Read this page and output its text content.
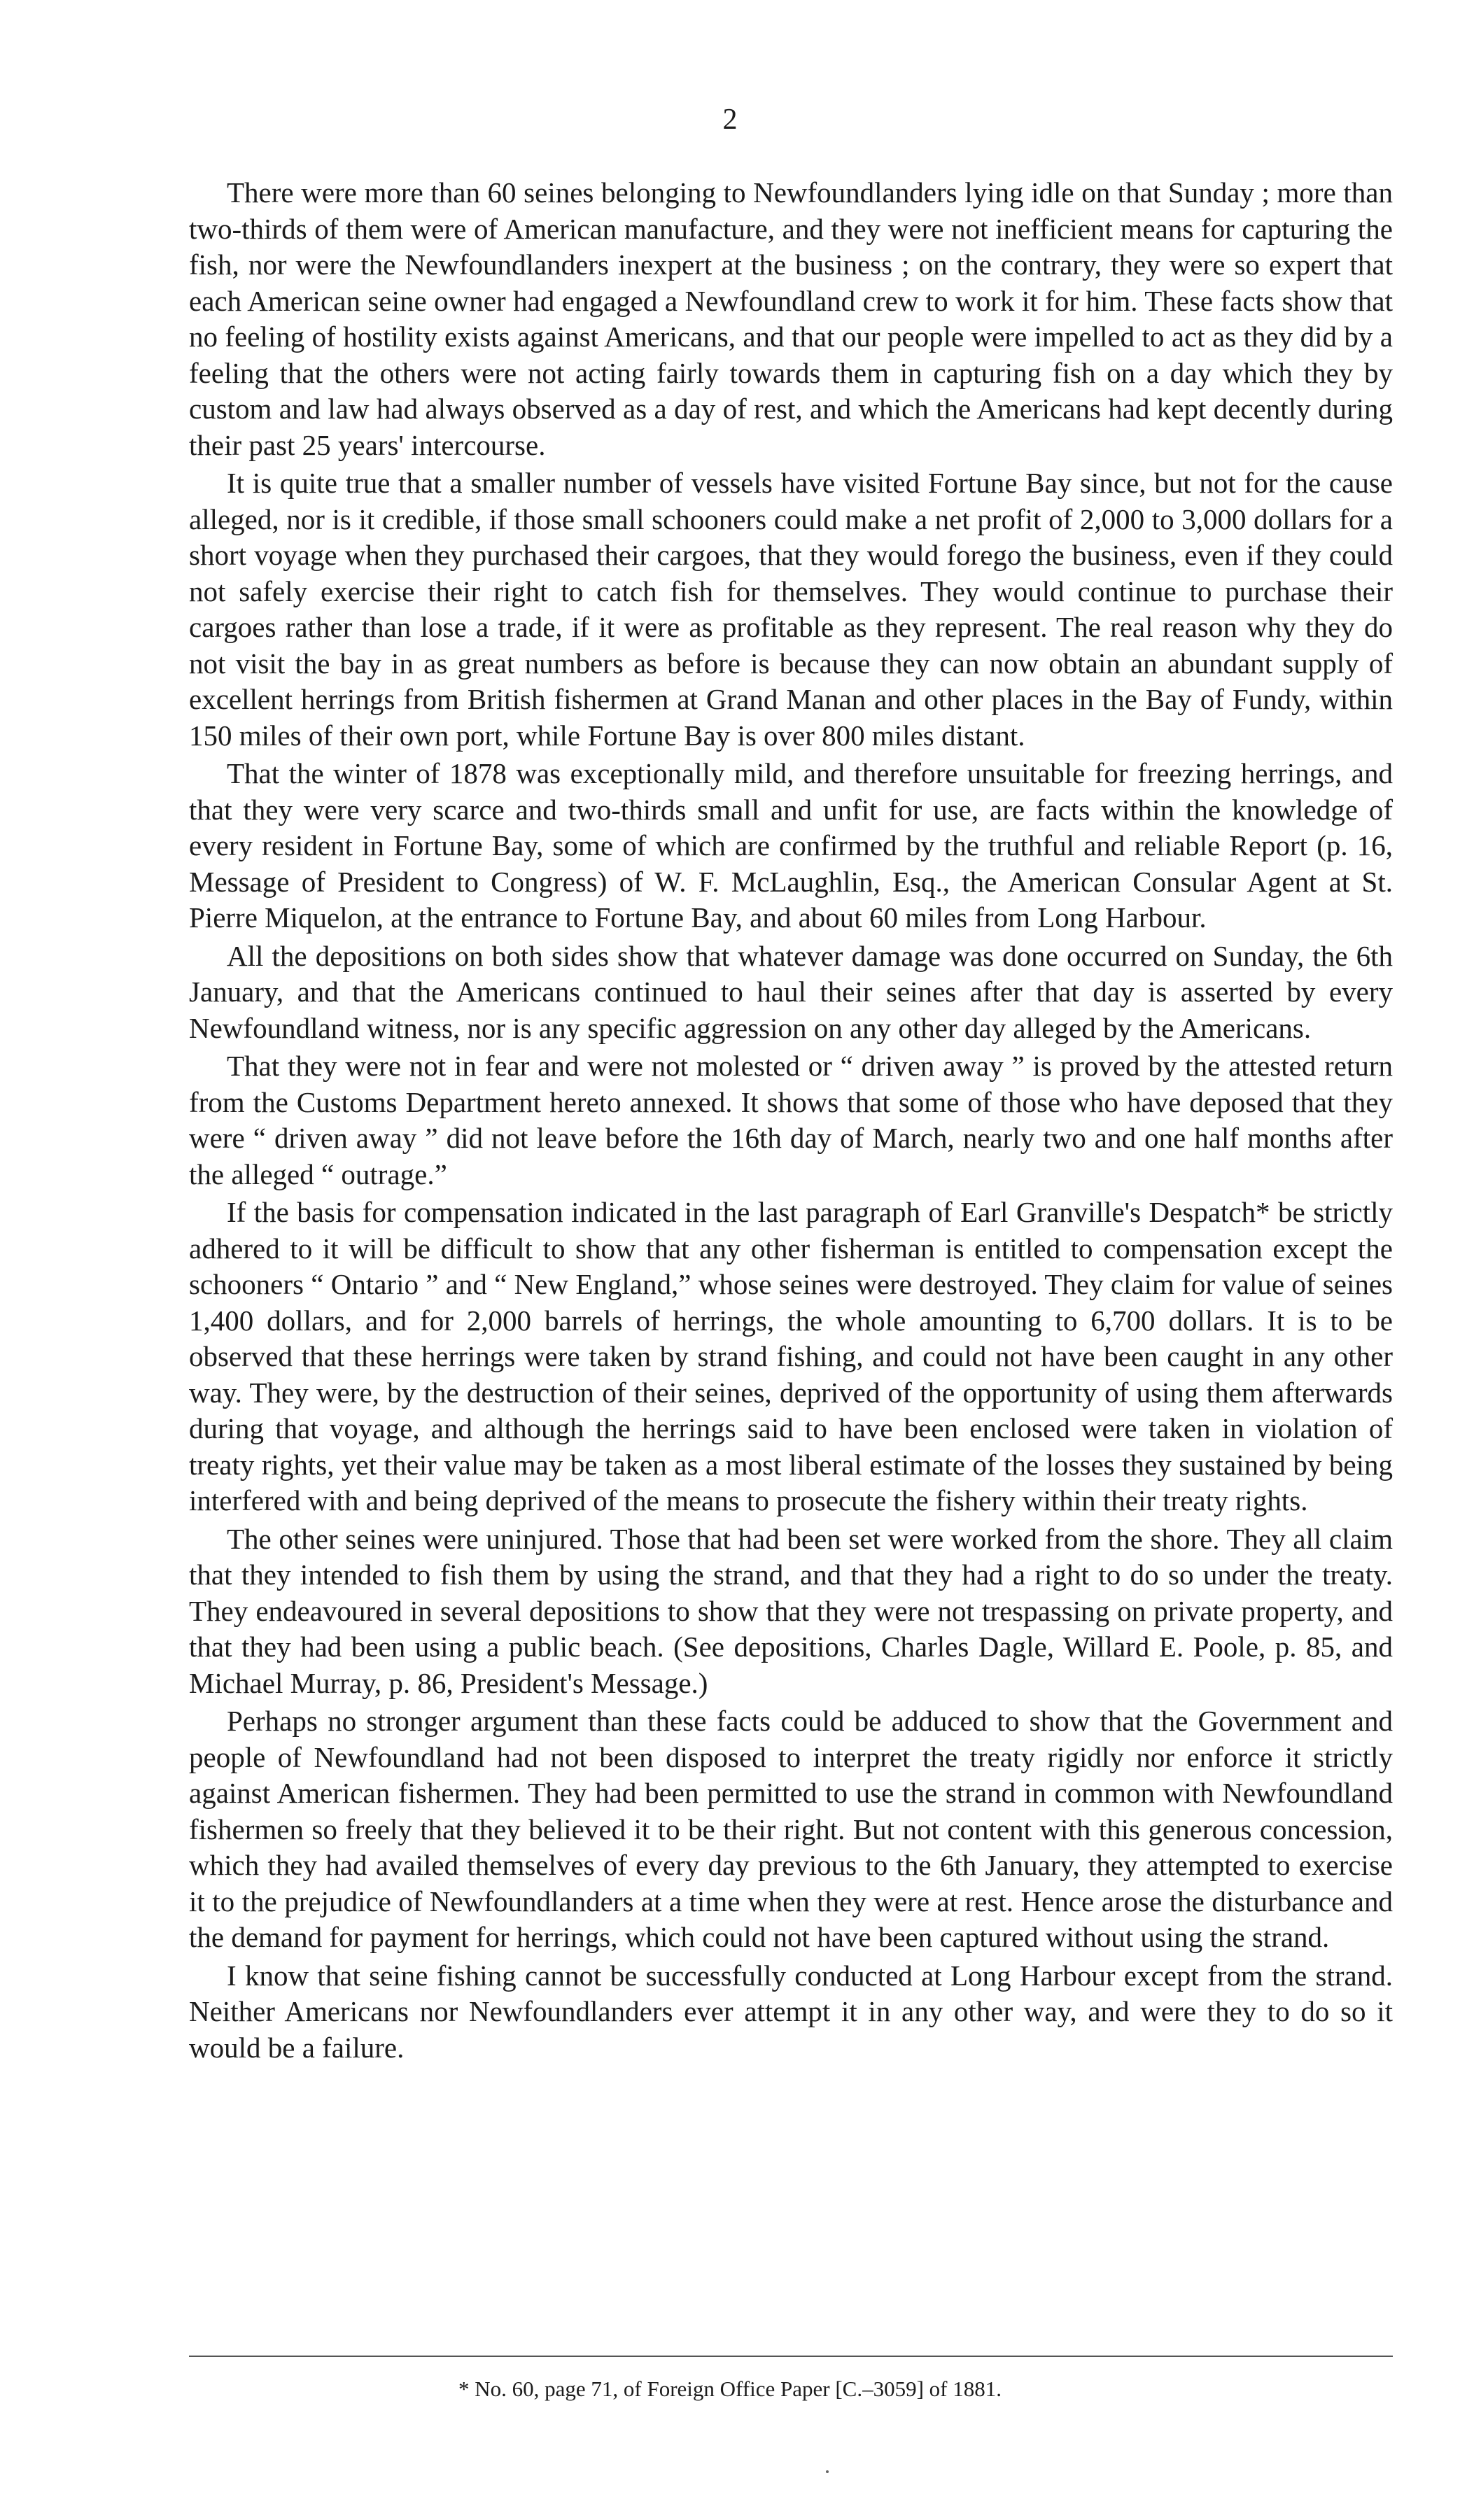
2

There were more than 60 seines belonging to Newfoundlanders lying idle on that Sunday ; more than two-thirds of them were of American manufacture, and they were not inefficient means for capturing the fish, nor were the Newfoundlanders inexpert at the business ; on the contrary, they were so expert that each American seine owner had engaged a Newfoundland crew to work it for him. These facts show that no feeling of hostility exists against Americans, and that our people were impelled to act as they did by a feeling that the others were not acting fairly towards them in capturing fish on a day which they by custom and law had always observed as a day of rest, and which the Americans had kept decently during their past 25 years' intercourse.

It is quite true that a smaller number of vessels have visited Fortune Bay since, but not for the cause alleged, nor is it credible, if those small schooners could make a net profit of 2,000 to 3,000 dollars for a short voyage when they purchased their cargoes, that they would forego the business, even if they could not safely exercise their right to catch fish for themselves. They would continue to purchase their cargoes rather than lose a trade, if it were as profitable as they represent. The real reason why they do not visit the bay in as great numbers as before is because they can now obtain an abundant supply of excellent herrings from British fishermen at Grand Manan and other places in the Bay of Fundy, within 150 miles of their own port, while Fortune Bay is over 800 miles distant.

That the winter of 1878 was exceptionally mild, and therefore unsuitable for freezing herrings, and that they were very scarce and two-thirds small and unfit for use, are facts within the knowledge of every resident in Fortune Bay, some of which are confirmed by the truthful and reliable Report (p. 16, Message of President to Congress) of W. F. McLaughlin, Esq., the American Consular Agent at St. Pierre Miquelon, at the entrance to Fortune Bay, and about 60 miles from Long Harbour.

All the depositions on both sides show that whatever damage was done occurred on Sunday, the 6th January, and that the Americans continued to haul their seines after that day is asserted by every Newfoundland witness, nor is any specific aggression on any other day alleged by the Americans.

That they were not in fear and were not molested or “ driven away ” is proved by the attested return from the Customs Department hereto annexed. It shows that some of those who have deposed that they were “ driven away ” did not leave before the 16th day of March, nearly two and one half months after the alleged “ outrage.”

If the basis for compensation indicated in the last paragraph of Earl Granville's Despatch* be strictly adhered to it will be difficult to show that any other fisherman is entitled to compensation except the schooners “ Ontario ” and “ New England,” whose seines were destroyed. They claim for value of seines 1,400 dollars, and for 2,000 barrels of herrings, the whole amounting to 6,700 dollars. It is to be observed that these herrings were taken by strand fishing, and could not have been caught in any other way. They were, by the destruction of their seines, deprived of the opportunity of using them afterwards during that voyage, and although the herrings said to have been enclosed were taken in violation of treaty rights, yet their value may be taken as a most liberal estimate of the losses they sustained by being interfered with and being deprived of the means to prosecute the fishery within their treaty rights.

The other seines were uninjured. Those that had been set were worked from the shore. They all claim that they intended to fish them by using the strand, and that they had a right to do so under the treaty. They endeavoured in several depositions to show that they were not trespassing on private property, and that they had been using a public beach. (See depositions, Charles Dagle, Willard E. Poole, p. 85, and Michael Murray, p. 86, President's Message.)

Perhaps no stronger argument than these facts could be adduced to show that the Government and people of Newfoundland had not been disposed to interpret the treaty rigidly nor enforce it strictly against American fishermen. They had been permitted to use the strand in common with Newfoundland fishermen so freely that they believed it to be their right. But not content with this generous concession, which they had availed themselves of every day previous to the 6th January, they attempted to exercise it to the prejudice of Newfoundlanders at a time when they were at rest. Hence arose the disturbance and the demand for payment for herrings, which could not have been captured without using the strand.

I know that seine fishing cannot be successfully conducted at Long Harbour except from the strand. Neither Americans nor Newfoundlanders ever attempt it in any other way, and were they to do so it would be a failure.

* No. 60, page 71, of Foreign Office Paper [C.–3059] of 1881.
